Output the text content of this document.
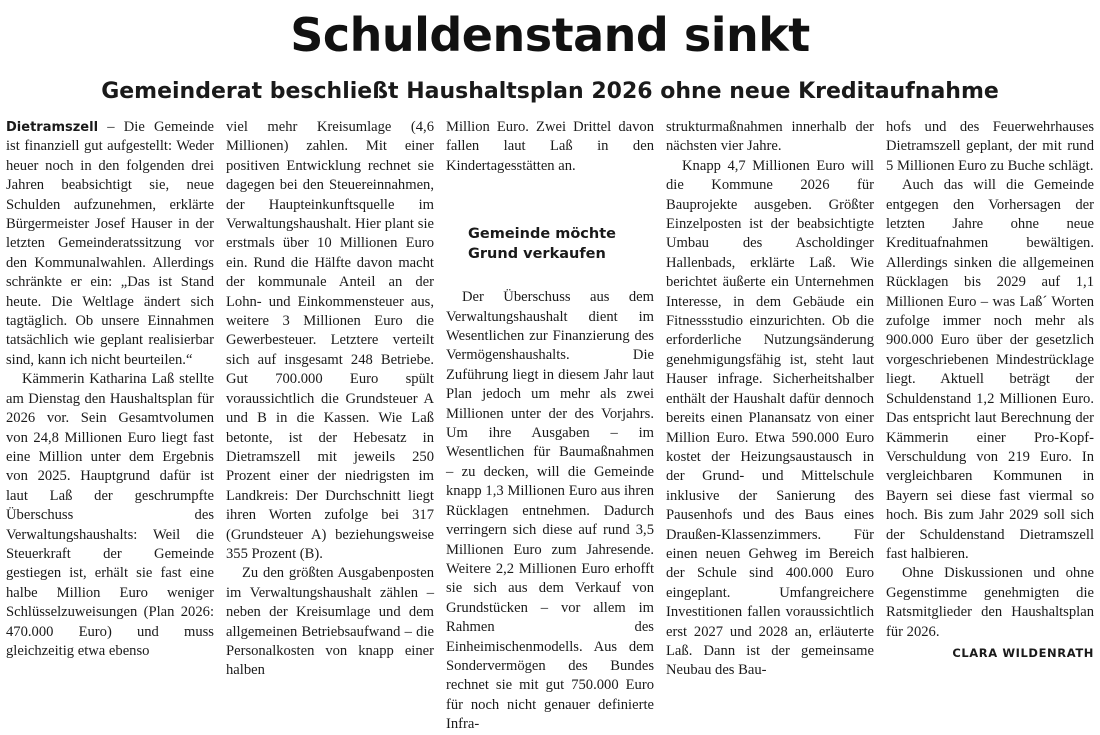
Schuldenstand sinkt
Gemeinderat beschließt Haushaltsplan 2026 ohne neue Kreditaufnahme

Dietramszell – Die Gemeinde ist finanziell gut aufgestellt: Weder heuer noch in den folgenden drei Jahren beabsichtigt sie, neue Schulden aufzunehmen, erklärte Bürgermeister Josef Hauser in der letzten Gemeinderatssitzung vor den Kommunalwahlen. Allerdings schränkte er ein: „Das ist Stand heute. Die Weltlage ändert sich tagtäglich. Ob unsere Einnahmen tatsächlich wie geplant realisierbar sind, kann ich nicht beurteilen.“

Kämmerin Katharina Laß stellte am Dienstag den Haushaltsplan für 2026 vor. Sein Gesamtvolumen von 24,8 Millionen Euro liegt fast eine Million unter dem Ergebnis von 2025. Hauptgrund dafür ist laut Laß der geschrumpfte Überschuss des Verwaltungshaushalts: Weil die Steuerkraft der Gemeinde gestiegen ist, erhält sie fast eine halbe Million Euro weniger Schlüsselzuweisungen (Plan 2026: 470.000 Euro) und muss gleichzeitig etwa ebenso

viel mehr Kreisumlage (4,6 Millionen) zahlen. Mit einer positiven Entwicklung rechnet sie dagegen bei den Steuereinnahmen, der Haupteinkunftsquelle im Verwaltungshaushalt. Hier plant sie erstmals über 10 Millionen Euro ein. Rund die Hälfte davon macht der kommunale Anteil an der Lohn- und Einkommensteuer aus, weitere 3 Millionen Euro die Gewerbesteuer. Letztere verteilt sich auf insgesamt 248 Betriebe. Gut 700.000 Euro spült voraussichtlich die Grundsteuer A und B in die Kassen. Wie Laß betonte, ist der Hebesatz in Dietramszell mit jeweils 250 Prozent einer der niedrigsten im Landkreis: Der Durchschnitt liegt ihren Worten zufolge bei 317 (Grundsteuer A) beziehungsweise 355 Prozent (B).

Zu den größten Ausgabenposten im Verwaltungshaushalt zählen – neben der Kreisumlage und dem allgemeinen Betriebsaufwand – die Personalkosten von knapp einer halben

Million Euro. Zwei Drittel davon fallen laut Laß in den Kindertagesstätten an.

Gemeinde möchte Grund verkaufen

Der Überschuss aus dem Verwaltungshaushalt dient im Wesentlichen zur Finanzierung des Vermögenshaushalts. Die Zuführung liegt in diesem Jahr laut Plan jedoch um mehr als zwei Millionen unter der des Vorjahrs. Um ihre Ausgaben – im Wesentlichen für Baumaßnahmen – zu decken, will die Gemeinde knapp 1,3 Millionen Euro aus ihren Rücklagen entnehmen. Dadurch verringern sich diese auf rund 3,5 Millionen Euro zum Jahresende. Weitere 2,2 Millionen Euro erhofft sie sich aus dem Verkauf von Grundstücken – vor allem im Rahmen des Einheimischenmodells. Aus dem Sondervermögen des Bundes rechnet sie mit gut 750.000 Euro für noch nicht genauer definierte Infra-

strukturmaßnahmen innerhalb der nächsten vier Jahre.

Knapp 4,7 Millionen Euro will die Kommune 2026 für Bauprojekte ausgeben. Größter Einzelposten ist der beabsichtigte Umbau des Ascholdinger Hallenbads, erklärte Laß. Wie berichtet äußerte ein Unternehmen Interesse, in dem Gebäude ein Fitnessstudio einzurichten. Ob die erforderliche Nutzungsänderung genehmigungsfähig ist, steht laut Hauser infrage. Sicherheitshalber enthält der Haushalt dafür dennoch bereits einen Planansatz von einer Million Euro. Etwa 590.000 Euro kostet der Heizungsaustausch in der Grund- und Mittelschule inklusive der Sanierung des Pausenhofs und des Baus eines Draußen-Klassenzimmers. Für einen neuen Gehweg im Bereich der Schule sind 400.000 Euro eingeplant. Umfangreichere Investitionen fallen voraussichtlich erst 2027 und 2028 an, erläuterte Laß. Dann ist der gemeinsame Neubau des Bau-

hofs und des Feuerwehrhauses Dietramszell geplant, der mit rund 5 Millionen Euro zu Buche schlägt.

Auch das will die Gemeinde entgegen den Vorhersagen der letzten Jahre ohne neue Kredituafnahmen bewältigen. Allerdings sinken die allgemeinen Rücklagen bis 2029 auf 1,1 Millionen Euro – was Laß´ Worten zufolge immer noch mehr als 900.000 Euro über der gesetzlich vorgeschriebenen Mindestrücklage liegt. Aktuell beträgt der Schuldenstand 1,2 Millionen Euro. Das entspricht laut Berechnung der Kämmerin einer Pro-Kopf-Verschuldung von 219 Euro. In vergleichbaren Kommunen in Bayern sei diese fast viermal so hoch. Bis zum Jahr 2029 soll sich der Schuldenstand Dietramszell fast halbieren.

Ohne Diskussionen und ohne Gegenstimme genehmigten die Ratsmitglieder den Haushaltsplan für 2026.

CLARA WILDENRATH
